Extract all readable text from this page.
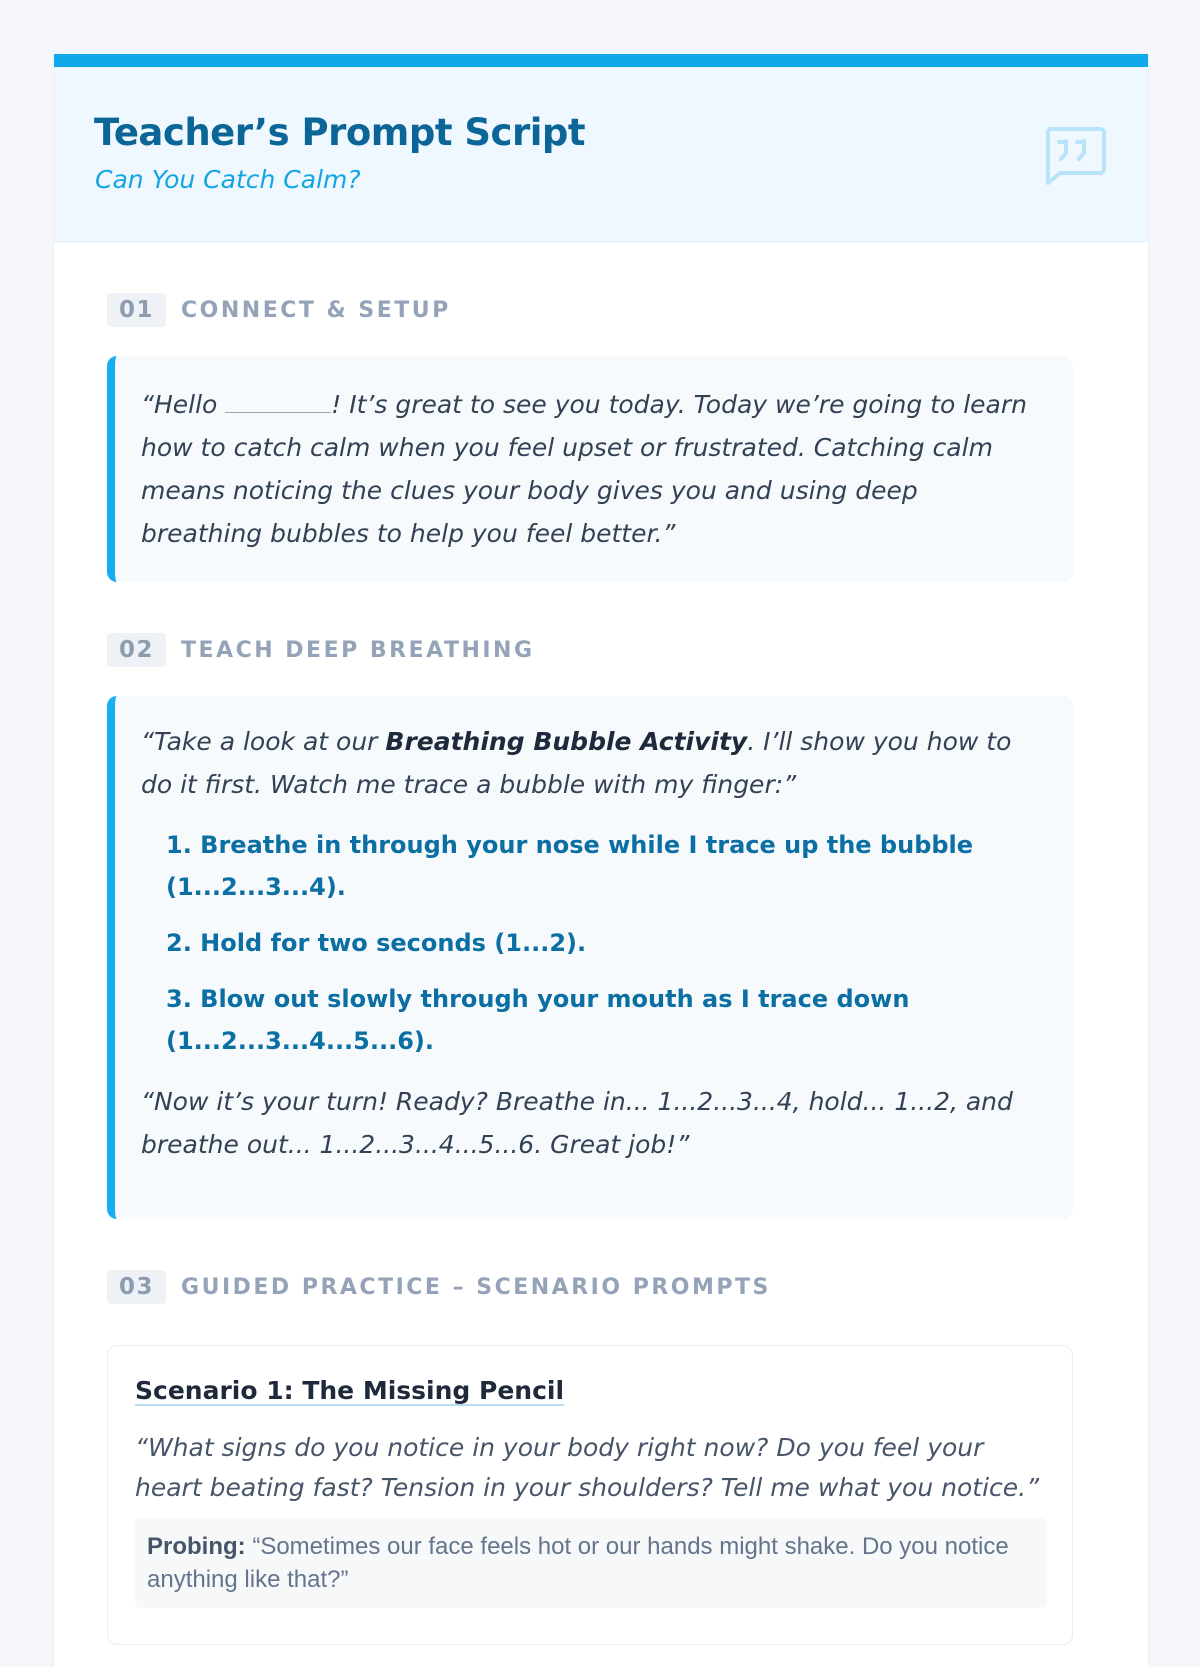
Teacher’s Prompt Script
Can You Catch Calm?
01	CONNECT & SETUP

“Hello	! It’s great to see you today. Today we’re going to learn how to catch calm when you feel upset or frustrated. Catching calm means noticing the clues your body gives you and using deep breathing bubbles to help you feel better.”

02	TEACH DEEP BREATHING

“Take a look at our Breathing Bubble Activity. I’ll show you how to do it first. Watch me trace a bubble with my finger:”

1. Breathe in through your nose while I trace up the bubble (1...2...3...4).
2. Hold for two seconds (1...2).
3. Blow out slowly through your mouth as I trace down (1...2...3...4...5...6).

“Now it’s your turn! Ready? Breathe in... 1...2...3...4, hold... 1...2, and breathe out... 1...2...3...4...5...6. Great job!”

03	GUIDED PRACTICE – SCENARIO PROMPTS
Scenario 1: The Missing Pencil
“What signs do you notice in your body right now? Do you feel your heart beating fast? Tension in your shoulders? Tell me what you notice.”
Probing: “Sometimes our face feels hot or our hands might shake. Do you notice anything like that?”
